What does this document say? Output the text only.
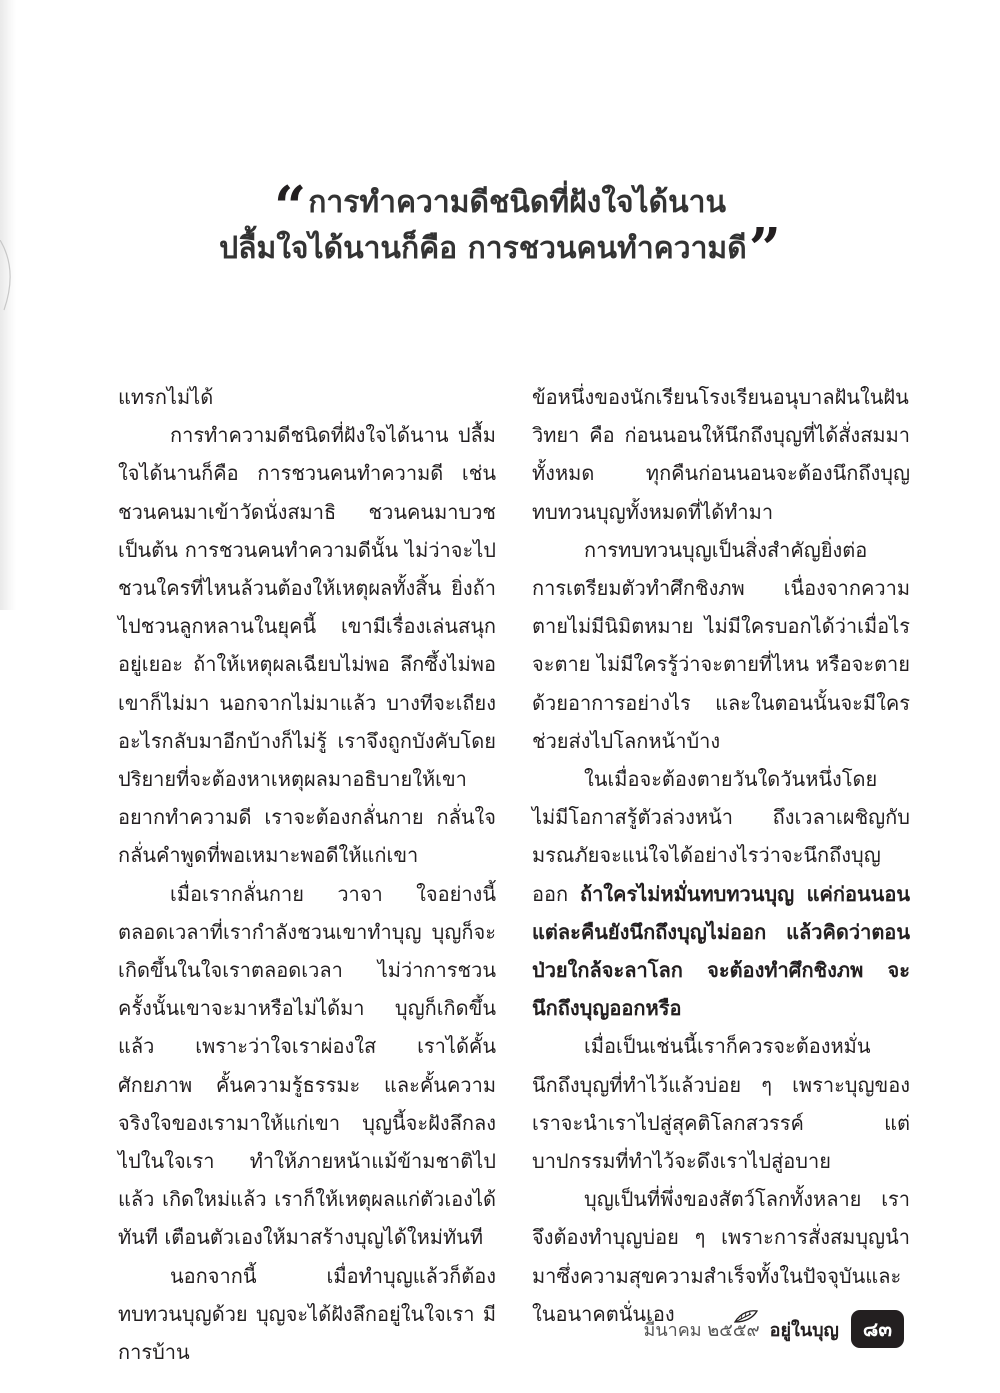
“การทำความดีชนิดที่ฝังใจได้นาน
ปลื้มใจได้นานก็คือ การชวนคนทำความดี”

แทรกไม่ได้

การทำความดีชนิดที่ฝังใจได้นาน ปลื้มใจได้นานก็คือ การชวนคนทำความดี เช่น ชวนคนมาเข้าวัดนั่งสมาธิ ชวนคนมาบวช เป็นต้น การชวนคนทำความดีนั้น ไม่ว่าจะไปชวนใครที่ไหนล้วนต้องให้เหตุผลทั้งสิ้น ยิ่งถ้าไปชวนลูกหลานในยุคนี้ เขามีเรื่องเล่นสนุกอยู่เยอะ ถ้าให้เหตุผลเฉียบไม่พอ ลึกซึ้งไม่พอ เขาก็ไม่มา นอกจากไม่มาแล้ว บางทีจะเถียงอะไรกลับมาอีกบ้างก็ไม่รู้ เราจึงถูกบังคับโดยปริยายที่จะต้องหาเหตุผลมาอธิบายให้เขาอยากทำความดี เราจะต้องกลั่นกาย กลั่นใจ กลั่นคำพูดที่พอเหมาะพอดีให้แก่เขา

เมื่อเรากลั่นกาย วาจา ใจอย่างนี้ ตลอดเวลาที่เรากำลังชวนเขาทำบุญ บุญก็จะเกิดขึ้นในใจเราตลอดเวลา ไม่ว่าการชวนครั้งนั้นเขาจะมาหรือไม่ได้มา บุญก็เกิดขึ้นแล้ว เพราะว่าใจเราผ่องใส เราได้คั้นศักยภาพ คั้นความรู้ธรรมะ และคั้นความจริงใจของเรามาให้แก่เขา บุญนี้จะฝังลึกลงไปในใจเรา ทำให้ภายหน้าแม้ข้ามชาติไปแล้ว เกิดใหม่แล้ว เราก็ให้เหตุผลแก่ตัวเองได้ทันที เตือนตัวเองให้มาสร้างบุญได้ใหม่ทันที

นอกจากนี้ เมื่อทำบุญแล้วก็ต้องทบทวนบุญด้วย บุญจะได้ฝังลึกอยู่ในใจเรา มีการบ้าน

ข้อหนึ่งของนักเรียนโรงเรียนอนุบาลฝันในฝันวิทยา คือ ก่อนนอนให้นึกถึงบุญที่ได้สั่งสมมาทั้งหมด ทุกคืนก่อนนอนจะต้องนึกถึงบุญ ทบทวนบุญทั้งหมดที่ได้ทำมา

การทบทวนบุญเป็นสิ่งสำคัญยิ่งต่อการเตรียมตัวทำศึกชิงภพ เนื่องจากความตายไม่มีนิมิตหมาย ไม่มีใครบอกได้ว่าเมื่อไรจะตาย ไม่มีใครรู้ว่าจะตายที่ไหน หรือจะตายด้วยอาการอย่างไร และในตอนนั้นจะมีใครช่วยส่งไปโลกหน้าบ้าง

ในเมื่อจะต้องตายวันใดวันหนึ่งโดยไม่มีโอกาสรู้ตัวล่วงหน้า ถึงเวลาเผชิญกับมรณภัยจะแน่ใจได้อย่างไรว่าจะนึกถึงบุญออก ถ้าใครไม่หมั่นทบทวนบุญ แค่ก่อนนอนแต่ละคืนยังนึกถึงบุญไม่ออก แล้วคิดว่าตอนป่วยใกล้จะลาโลก จะต้องทำศึกชิงภพ จะนึกถึงบุญออกหรือ

เมื่อเป็นเช่นนี้เราก็ควรจะต้องหมั่นนึกถึงบุญที่ทำไว้แล้วบ่อย ๆ เพราะบุญของเราจะนำเราไปสู่สุคติโลกสวรรค์ แต่บาปกรรมที่ทำไว้จะดึงเราไปสู่อบาย

บุญเป็นที่พึ่งของสัตว์โลกทั้งหลาย เราจึงต้องทำบุญบ่อย ๆ เพราะการสั่งสมบุญนำมาซึ่งความสุขความสำเร็จทั้งในปัจจุบันและในอนาคตนั่นเอง

มีนาคม ๒๕๕๙ อยู่ในบุญ	๘๓
